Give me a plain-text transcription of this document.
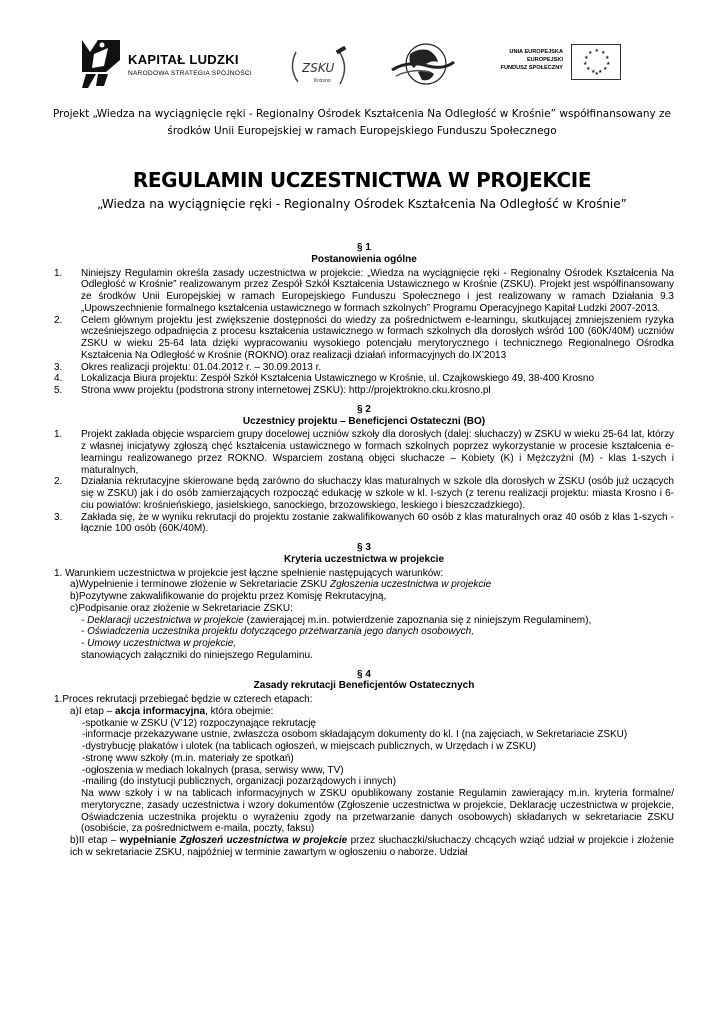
KAPITAŁ LUDZKI
NARODOWA STRATEGIA SPÓJNOŚCI	ZSKU
Krosno
UNIA EUROPEJSKA
EUROPEJSKI
FUNDUSZ SPOŁECZNY
★ ★
★
★
★
★
★
★
★
★
★
★
Projekt „Wiedza na wyciągnięcie ręki - Regionalny Ośrodek Kształcenia Na Odległość w Krośnie” współfinansowany ze
środków Unii Europejskiej w ramach Europejskiego Funduszu Społecznego
REGULAMIN UCZESTNICTWA W PROJEKCIE
„Wiedza na wyciągnięcie ręki - Regionalny Ośrodek Kształcenia Na Odległość w Krośnie”
§ 1
Postanowienia ogólne
1. Niniejszy Regulamin określa zasady uczestnictwa w projekcie: „Wiedza na wyciągnięcie ręki - Regionalny Ośrodek Kształcenia Na Odległość w Krośnie” realizowanym przez Zespół Szkół Kształcenia Ustawicznego w Krośnie (ZSKU). Projekt jest współfinansowany ze środków Unii Europejskiej w ramach Europejskiego Funduszu Społecznego i jest realizowany w ramach Działania 9.3 „Upowszechnienie formalnego kształcenia ustawicznego w formach szkolnych” Programu Operacyjnego Kapitał Ludzki 2007-2013.
2. Celem głównym projektu jest zwiększenie dostępności do wiedzy za pośrednictwem e-learningu, skutkującej zmniejszeniem ryzyka wcześniejszego odpadnięcia z procesu kształcenia ustawicznego w formach szkolnych dla dorosłych wśród 100 (60K/40M) uczniów ZSKU w wieku 25-64 lata dzięki wypracowaniu wysokiego potencjału merytorycznego i technicznego Regionalnego Ośrodka Kształcenia Na Odległość w Krośnie (ROKNO) oraz realizacji działań informacyjnych do IX’2013
3. Okres realizacji projektu: 01.04.2012 r. – 30.09.2013 r.
4. Lokalizacja Biura projektu: Zespół Szkół Kształcenia Ustawicznego w Krośnie, ul. Czajkowskiego 49, 38-400 Krosno
5. Strona www projektu (podstrona strony internetowej ZSKU): http://projektrokno.cku.krosno.pl
§ 2
Uczestnicy projektu – Beneficjenci Ostateczni (BO)
1. Projekt zakłada objęcie wsparciem grupy docelowej uczniów szkoły dla dorosłych (dalej: słuchaczy) w ZSKU w wieku 25-64 lat, którzy z własnej inicjatywy zgłoszą chęć kształcenia ustawicznego w formach szkolnych poprzez wykorzystanie w procesie kształcenia e-learningu realizowanego przez ROKNO. Wsparciem zostaną objęci słuchacze – Kobiety (K) i Mężczyźni (M) - klas 1-szych i maturalnych,
2. Działania rekrutacyjne skierowane będą zarówno do słuchaczy klas maturalnych w szkole dla dorosłych w ZSKU (osób już uczących się w ZSKU) jak i do osób zamierzających rozpocząć edukację w szkole w kl. I-szych (z terenu realizacji projektu: miasta Krosno i 6-ciu powiatów: krośnieńskiego, jasielskiego, sanockiego, brzozowskiego, leskiego i bieszczadzkiego).
3. Zakłada się, że w wyniku rekrutacji do projektu zostanie zakwalifikowanych 60 osób z klas maturalnych oraz 40 osób z klas 1-szych - łącznie 100 osób (60K/40M).
§ 3
Kryteria uczestnictwa w projekcie
1. Warunkiem uczestnictwa w projekcie jest łączne spełnienie następujących warunków:
a)Wypełnienie i terminowe złożenie w Sekretariacie ZSKU Zgłoszenia uczestnictwa w projekcie
b)Pozytywne zakwalifikowanie do projektu przez Komisję Rekrutacyjną,
c)Podpisanie oraz złożenie w Sekretariacie ZSKU:
- Deklaracji uczestnictwa w projekcie (zawierającej m.in. potwierdzenie zapoznania się z niniejszym Regulaminem),
- Oświadczenia uczestnika projektu dotyczącego przetwarzania jego danych osobowych,
- Umowy uczestnictwa w projekcie,
stanowiących załączniki do niniejszego Regulaminu.
§ 4
Zasady rekrutacji Beneficjentów Ostatecznych
1.Proces rekrutacji przebiegać będzie w czterech etapach:
a)I etap – akcja informacyjna, która obejmie:
-spotkanie w ZSKU (V’12) rozpoczynające rekrutację
-informacje przekazywane ustnie, zwłaszcza osobom składającym dokumenty do kl. I (na zajęciach, w Sekretariacie ZSKU)
-dystrybucję plakatów i ulotek (na tablicach ogłoszeń, w miejscach publicznych, w Urzędach i w ZSKU)
-stronę www szkoły (m.in. materiały ze spotkań)
-ogłoszenia w mediach lokalnych (prasa, serwisy www, TV)
-mailing (do instytucji publicznych, organizacji pozarządowych i innych)
Na www szkoły i w na tablicach informacyjnych w ZSKU opublikowany zostanie Regulamin zawierający m.in. kryteria formalne/ merytoryczne, zasady uczestnictwa i wzory dokumentów (Zgłoszenie uczestnictwa w projekcie, Deklarację uczestnictwa w projekcie, Oświadczenia uczestnika projektu o wyrażeniu zgody na przetwarzanie danych osobowych) składanych w sekretariacie ZSKU (osobiście, za pośrednictwem e-maila, poczty, faksu)
b)II etap – wypełnianie Zgłoszeń uczestnictwa w projekcie przez słuchaczki/słuchaczy chcących wziąć udział w projekcie i złożenie ich w sekretariacie ZSKU, najpóźniej w terminie zawartym w ogłoszeniu o naborze. Udział
